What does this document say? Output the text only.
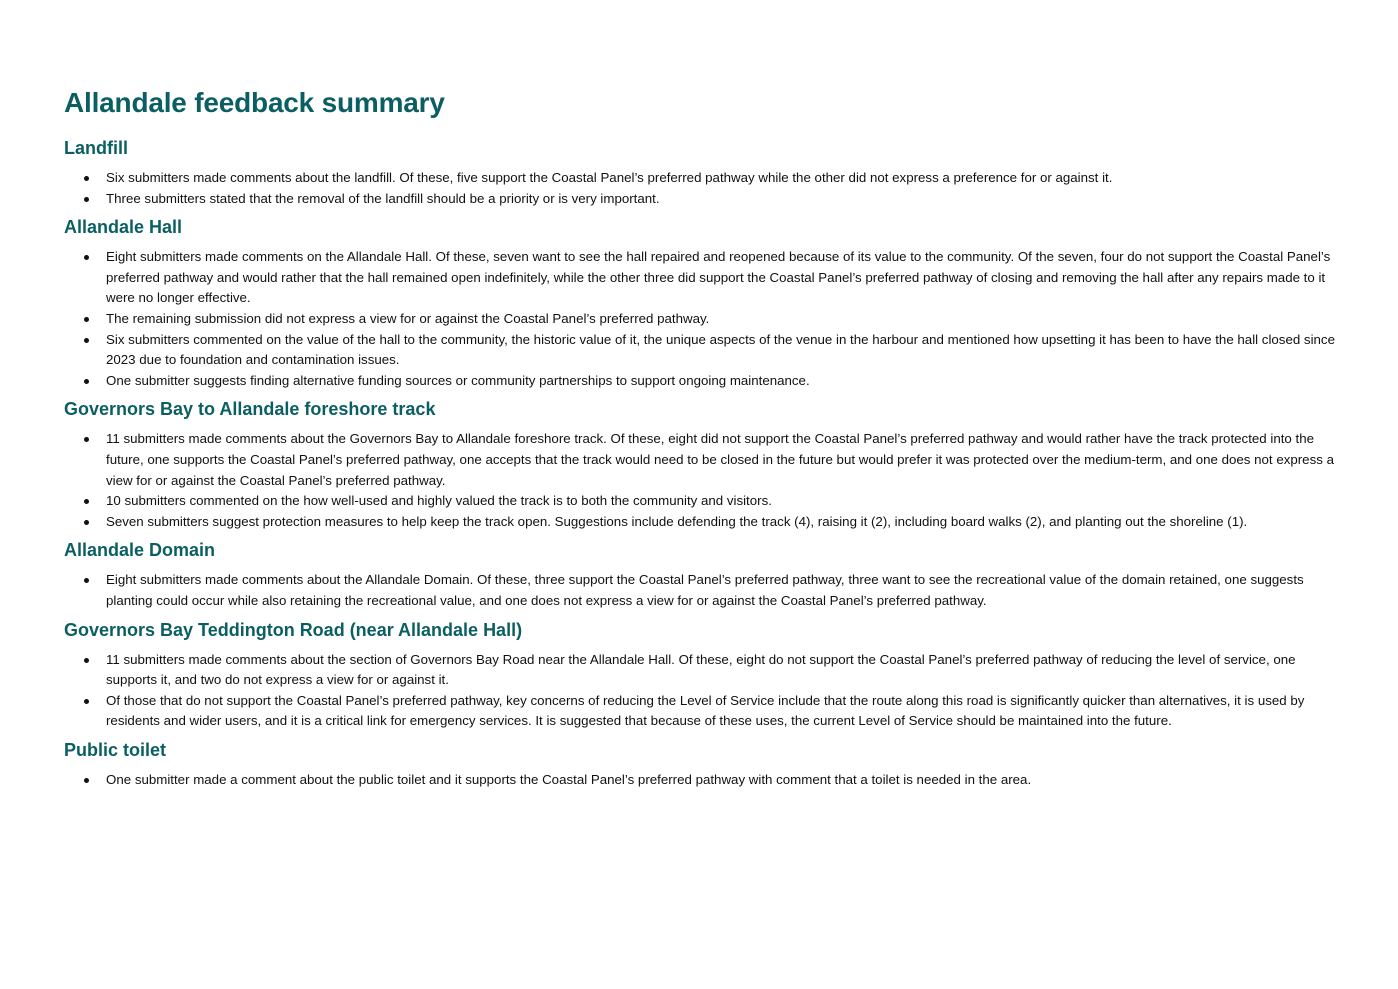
Allandale feedback summary
Landfill
Six submitters made comments about the landfill. Of these, five support the Coastal Panel’s preferred pathway while the other did not express a preference for or against it.
Three submitters stated that the removal of the landfill should be a priority or is very important.
Allandale Hall
Eight submitters made comments on the Allandale Hall. Of these, seven want to see the hall repaired and reopened because of its value to the community. Of the seven, four do not support the Coastal Panel’s preferred pathway and would rather that the hall remained open indefinitely, while the other three did support the Coastal Panel’s preferred pathway of closing and removing the hall after any repairs made to it were no longer effective.
The remaining submission did not express a view for or against the Coastal Panel’s preferred pathway.
Six submitters commented on the value of the hall to the community, the historic value of it, the unique aspects of the venue in the harbour and mentioned how upsetting it has been to have the hall closed since 2023 due to foundation and contamination issues.
One submitter suggests finding alternative funding sources or community partnerships to support ongoing maintenance.
Governors Bay to Allandale foreshore track
11 submitters made comments about the Governors Bay to Allandale foreshore track. Of these, eight did not support the Coastal Panel’s preferred pathway and would rather have the track protected into the future, one supports the Coastal Panel’s preferred pathway, one accepts that the track would need to be closed in the future but would prefer it was protected over the medium-term, and one does not express a view for or against the Coastal Panel’s preferred pathway.
10 submitters commented on the how well-used and highly valued the track is to both the community and visitors.
Seven submitters suggest protection measures to help keep the track open. Suggestions include defending the track (4), raising it (2), including board walks (2), and planting out the shoreline (1).
Allandale Domain
Eight submitters made comments about the Allandale Domain. Of these, three support the Coastal Panel’s preferred pathway, three want to see the recreational value of the domain retained, one suggests planting could occur while also retaining the recreational value, and one does not express a view for or against the Coastal Panel’s preferred pathway.
Governors Bay Teddington Road (near Allandale Hall)
11 submitters made comments about the section of Governors Bay Road near the Allandale Hall. Of these, eight do not support the Coastal Panel’s preferred pathway of reducing the level of service, one supports it, and two do not express a view for or against it.
Of those that do not support the Coastal Panel’s preferred pathway, key concerns of reducing the Level of Service include that the route along this road is significantly quicker than alternatives, it is used by residents and wider users, and it is a critical link for emergency services. It is suggested that because of these uses, the current Level of Service should be maintained into the future.
Public toilet
One submitter made a comment about the public toilet and it supports the Coastal Panel’s preferred pathway with comment that a toilet is needed in the area.
